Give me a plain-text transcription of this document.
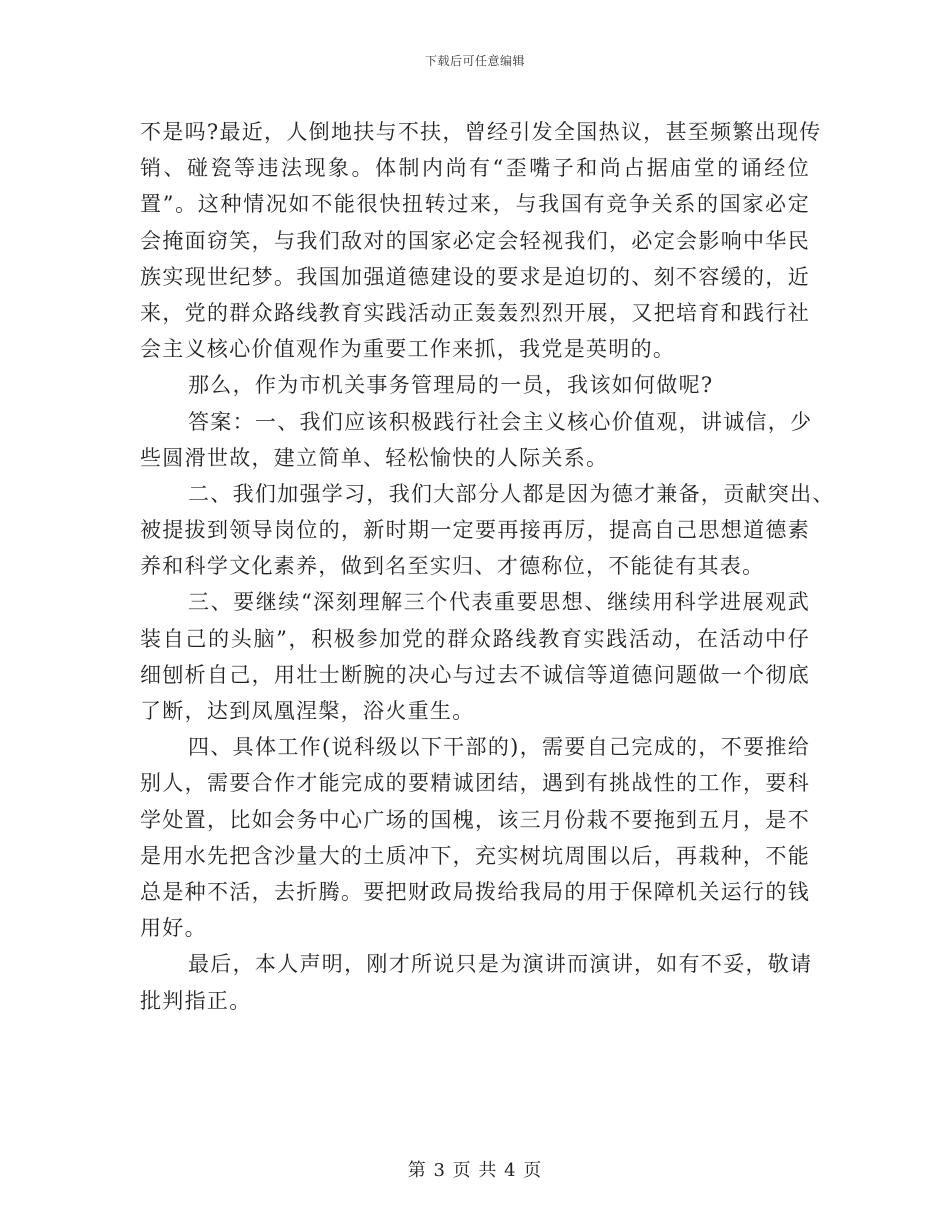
下载后可任意编辑
不是吗?最近，人倒地扶与不扶，曾经引发全国热议，甚至频繁出现传
销、碰瓷等违法现象。体制内尚有“歪嘴子和尚占据庙堂的诵经位
置”。这种情况如不能很快扭转过来，与我国有竞争关系的国家必定
会掩面窃笑，与我们敌对的国家必定会轻视我们，必定会影响中华民
族实现世纪梦。我国加强道德建设的要求是迫切的、刻不容缓的，近
来，党的群众路线教育实践活动正轰轰烈烈开展，又把培育和践行社
会主义核心价值观作为重要工作来抓，我党是英明的。
那么，作为市机关事务管理局的一员，我该如何做呢?
答案：一、我们应该积极践行社会主义核心价值观，讲诚信，少
些圆滑世故，建立简单、轻松愉快的人际关系。
二、我们加强学习，我们大部分人都是因为德才兼备，贡献突出、
被提拔到领导岗位的，新时期一定要再接再厉，提高自己思想道德素
养和科学文化素养，做到名至实归、才德称位，不能徒有其表。
三、要继续“深刻理解三个代表重要思想、继续用科学进展观武
装自己的头脑”，积极参加党的群众路线教育实践活动，在活动中仔
细刨析自己，用壮士断腕的决心与过去不诚信等道德问题做一个彻底
了断，达到凤凰涅槃，浴火重生。
四、具体工作(说科级以下干部的)，需要自己完成的，不要推给
别人，需要合作才能完成的要精诚团结，遇到有挑战性的工作，要科
学处置，比如会务中心广场的国槐，该三月份栽不要拖到五月，是不
是用水先把含沙量大的土质冲下，充实树坑周围以后，再栽种，不能
总是种不活，去折腾。要把财政局拨给我局的用于保障机关运行的钱
用好。
最后，本人声明，刚才所说只是为演讲而演讲，如有不妥，敬请
批判指正。
第 3 页 共 4 页
